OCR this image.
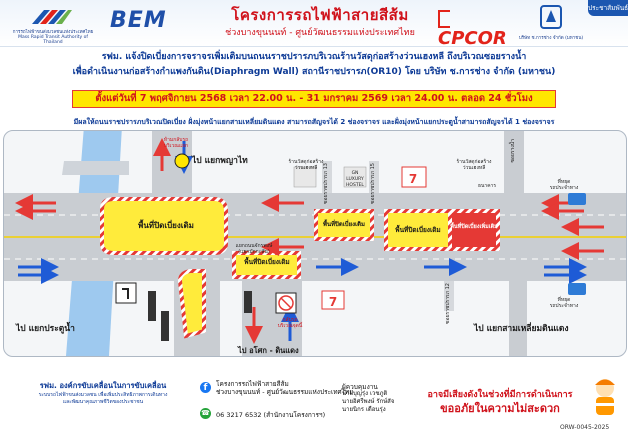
การรถไฟฟ้าขนส่งมวลชนแห่งประเทศไทย
Mass Rapid Transit Authority of Thailand
BEM	โครงการรถไฟฟ้าสายสีส้ม
ช่วงบางขุนนนท์ - ศูนย์วัฒนธรรมแห่งประเทศไทย	CPCOR	บริษัท ช.การช่าง จำกัด (มหาชน)
ประชาสัมพันธ์
รฟม. แจ้งปิดเบี่ยงการจราจรเพิ่มเติมบนถนนราชปรารภบริเวณร้านวัสดุก่อสร้างว่วนเฮงหลี ถึงบริเวณซอยรางน้ำ
เพื่อดำเนินงานก่อสร้างกำแพงกันดิน(Diaphragm Wall) สถานีราชปรารภ(OR10) โดย บริษัท ช.การช่าง จำกัด (มหาชน)
ตั้งแต่วันที่ 7 พฤศจิกายน 2568 เวลา 22.00 น. - 31 มกราคม 2569 เวลา 24.00 น. ตลอด 24 ชั่วโมง
มีผลให้ถนนราชปรารภบริเวณปิดเบี่ยง ฝั่งมุ่งหน้าแยกสามเหลี่ยมดินแดง สามารถสัญจรได้ 2 ช่องจราจร และฝั่งมุ่งหน้าแยกประตูน้ำสามารถสัญจรได้ 1 ช่องจราจร
7
7
ไป แยกพญาไท
ไป แยกประตูน้ำ	ไป แยกสามเหลี่ยมดินแดง
ไป อโศก - ดินแดง
พื้นที่ปิดเบี่ยงเดิม
พื้นที่ปิดเบี่ยงเดิม
พื้นที่ปิดเบี่ยงเดิม
พื้นที่ปิดเบี่ยงเดิม	พื้นที่ปิดเบี่ยงเพิ่มเติม
แยกถนนจักรพงษ์
(แยกมักกะสัน)
ห้ามกลับรถ
บริเวณแยก
กลับรถ
บริเวณจุดนี้
ร้านวัสดุก่อสร้าง
ว่วนเฮงหลี
GN
LUXURY
HOSTEL
ร้านวัสดุก่อสร้าง
ว่วนเฮงหลี
ธนาคาร
ที่หยุด
รถประจำทาง
ที่หยุด
รถประจำทาง
ซอยราชปรารภ 13	ซอยราชปรารภ 15
ซอยราชปรารภ 12
ซอยรางน้ำ
รฟม. องค์กรขับเคลื่อนในการขับเคลื่อน
ระบบรถไฟฟ้าขนส่งมวลชน เพื่อเพิ่มประสิทธิภาพการเดินทาง
และพัฒนาคุณภาพชีวิตของประชาชน
f	โครงการรถไฟฟ้าสายสีส้ม
ช่วงบางขุนนนท์ - ศูนย์วัฒนธรรมแห่งประเทศไทย
☎ 06 3217 6532 (สำนักงานโครงการฯ)
ผู้ควบคุมงาน
นายบุญรุ่ง เวชภูติ
นายอิศรีพงษ์ รักษ์สัจ
นายนิกร เดือนรุ่ง
อาจมีเสียงดังในช่วงที่มีการดำเนินการ
ขออภัยในความไม่สะดวก
ORW-0045-2025
